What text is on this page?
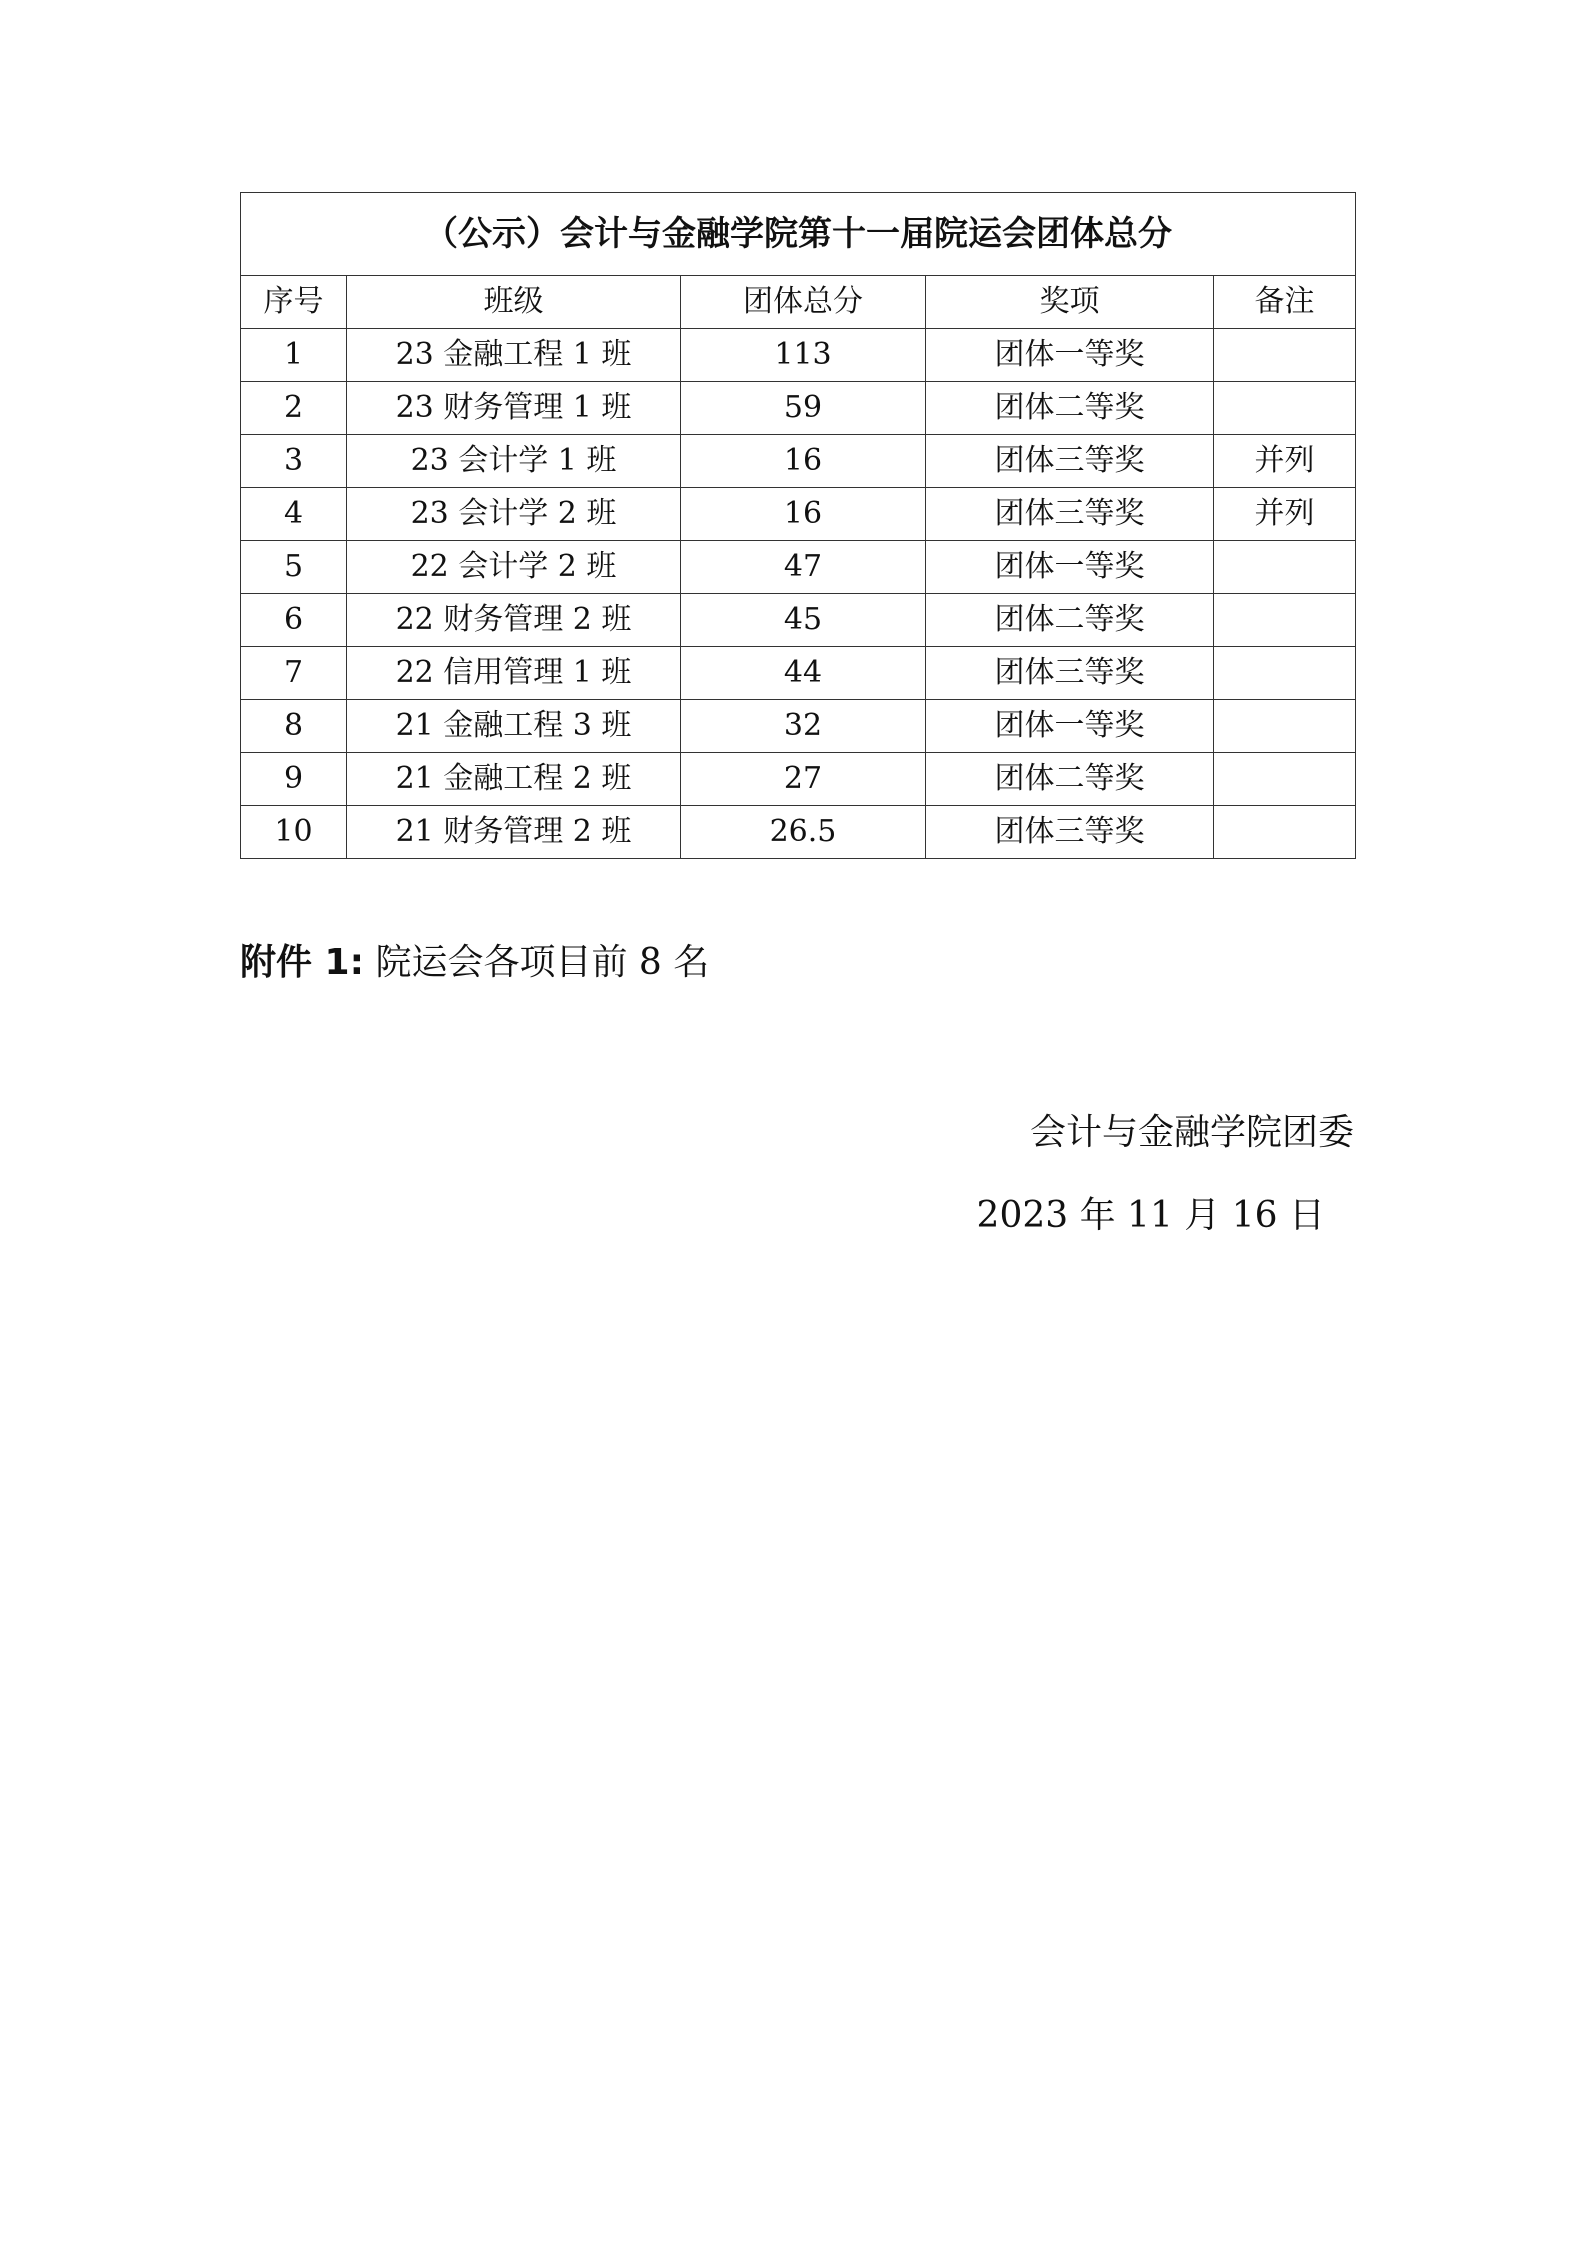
（公示）会计与金融学院第十一届院运会团体总分				
序号	班级	团体总分	奖项	备注
1	23 金融工程 1 班	113	团体一等奖	
2	23 财务管理 1 班	59	团体二等奖	
3	23 会计学 1 班	16	团体三等奖	并列
4	23 会计学 2 班	16	团体三等奖	并列
5	22 会计学 2 班	47	团体一等奖	
6	22 财务管理 2 班	45	团体二等奖	
7	22 信用管理 1 班	44	团体三等奖	
8	21 金融工程 3 班	32	团体一等奖	
9	21 金融工程 2 班	27	团体二等奖	
10	21 财务管理 2 班	26.5	团体三等奖	
附件 1: 院运会各项目前 8 名
会计与金融学院团委
2023 年 11 月 16 日
